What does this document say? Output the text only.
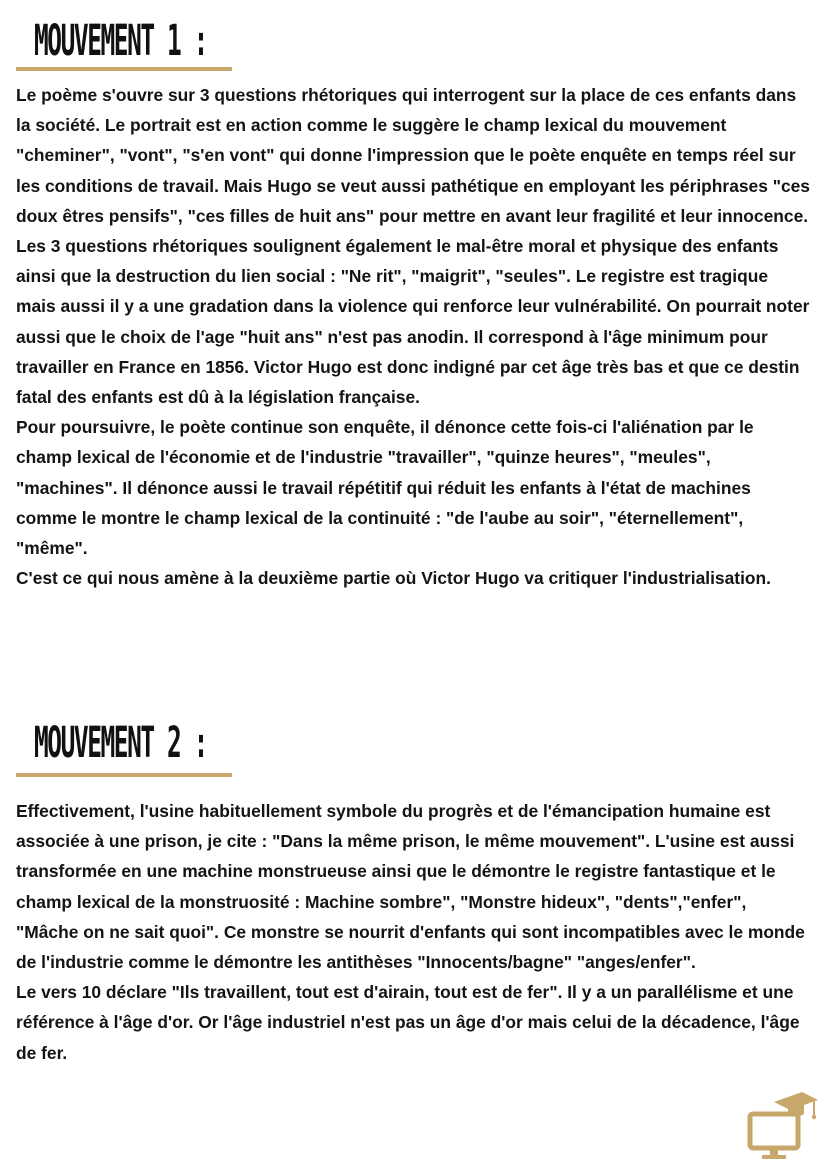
MOUVEMENT 1 :

Le poème s'ouvre sur 3 questions rhétoriques qui interrogent sur la place de ces enfants dans la société. Le portrait est en action comme le suggère le champ lexical du mouvement "cheminer", "vont", "s'en vont" qui donne l'impression que le poète enquête en temps réel sur les conditions de travail. Mais Hugo se veut aussi pathétique en employant les périphrases "ces doux êtres pensifs", "ces filles de huit ans" pour mettre en avant leur fragilité et leur innocence.

Les 3 questions rhétoriques soulignent également le mal-être moral et physique des enfants ainsi que la destruction du lien social : "Ne rit", "maigrit", "seules". Le registre est tragique mais aussi il y a une gradation dans la violence qui renforce leur vulnérabilité. On pourrait noter aussi que le choix de l'age "huit ans" n'est pas anodin. Il correspond à l'âge minimum pour travailler en France en 1856. Victor Hugo est donc indigné par cet âge très bas et que ce destin fatal des enfants est dû à la législation française.

Pour poursuivre, le poète continue son enquête, il dénonce cette fois-ci l'aliénation par le champ lexical de l'économie et de l'industrie "travailler", "quinze heures", "meules", "machines". Il dénonce aussi le travail répétitif qui réduit les enfants à l'état de machines comme le montre le champ lexical de la continuité : "de l'aube au soir", "éternellement", "même".

C'est ce qui nous amène à la deuxième partie où Victor Hugo va critiquer l'industrialisation.

MOUVEMENT 2 :

Effectivement, l'usine habituellement symbole du progrès et de l'émancipation humaine est associée à une prison, je cite : "Dans la même prison, le même mouvement". L'usine est aussi transformée en une machine monstrueuse ainsi que le démontre le registre fantastique et le champ lexical de la monstruosité : Machine sombre", "Monstre hideux", "dents","enfer", "Mâche on ne sait quoi". Ce monstre se nourrit d'enfants qui sont incompatibles avec le monde de l'industrie comme le démontre les antithèses "Innocents/bagne" "anges/enfer".

Le vers 10 déclare "Ils travaillent, tout est d'airain, tout est de fer". Il y a un parallélisme et une référence à l'âge d'or. Or l'âge industriel n'est pas un âge d'or mais celui de la décadence, l'âge de fer.
